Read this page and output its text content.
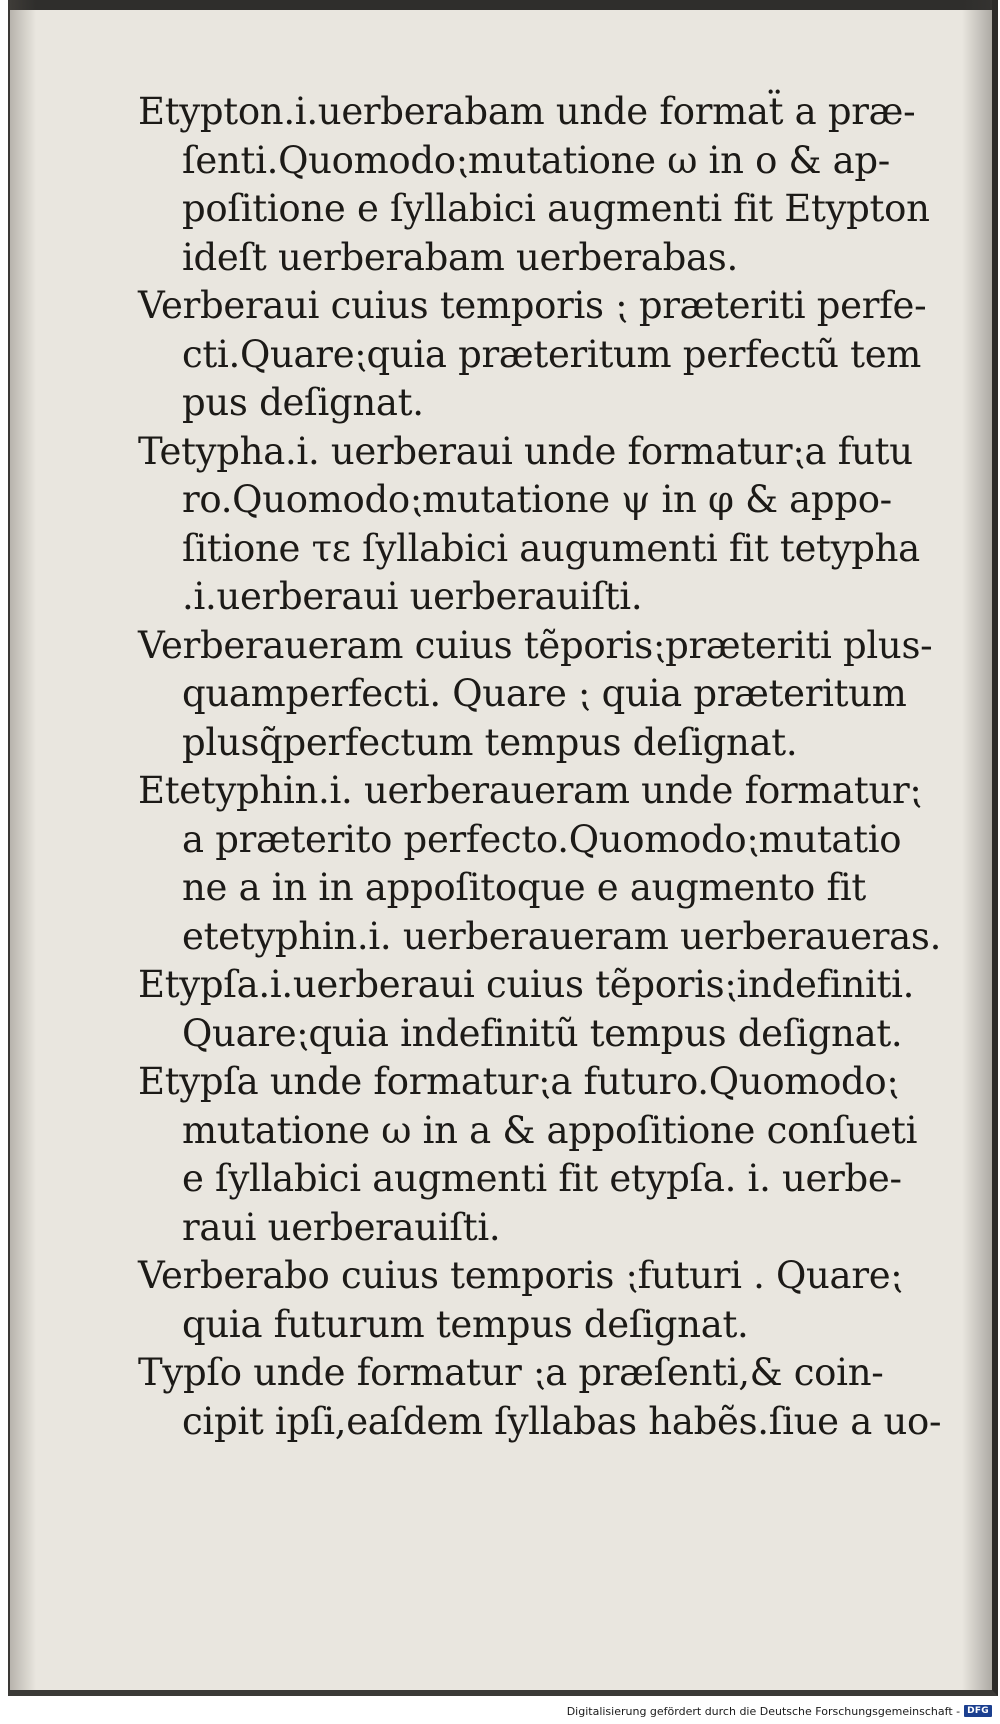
Etypton.i.uerberabam unde formaẗ a præ-
ſenti.Quomodo⁏mutatione ω in o & ap-
poſitione e ſyllabici augmenti fit Etypton
ideſt uerberabam uerberabas.
Verberaui cuius temporis ⁏ præteriti perfe-
cti.Quare⁏quia præteritum perfectũ tem
pus deſignat.
Tetypha.i. uerberaui unde formatur⁏a futu
ro.Quomodo⁏mutatione ψ in φ & appo-
ſitione τε ſyllabici augumenti fit tetypha
.i.uerberaui uerberauiſti.
Verberaueram cuius tẽporis⁏præteriti plus-
quamperfecti. Quare ⁏ quia præteritum
plusq̃perfectum tempus deſignat.
Etetyphin.i. uerberaueram unde formatur⁏
a præterito perfecto.Quomodo⁏mutatio
ne a in in appoſitoque e augmento fit
etetyphin.i. uerberaueram uerberaueras.
Etypſa.i.uerberaui cuius tẽporis⁏indefiniti.
Quare⁏quia indefinitũ tempus deſignat.
Etypſa unde formatur⁏a futuro.Quomodo⁏
mutatione ω in a & appoſitione conſueti
e ſyllabici augmenti fit etypſa. i. uerbe-
raui uerberauiſti.
Verberabo cuius temporis ⁏futuri . Quare⁏
quia futurum tempus deſignat.
Typſo unde formatur ⁏a præſenti,& coin-
cipit ipſi,eaſdem ſyllabas habẽs.ſiue a uo-
Digitalisierung gefördert durch die Deutsche Forschungsgemeinschaft - DFG
